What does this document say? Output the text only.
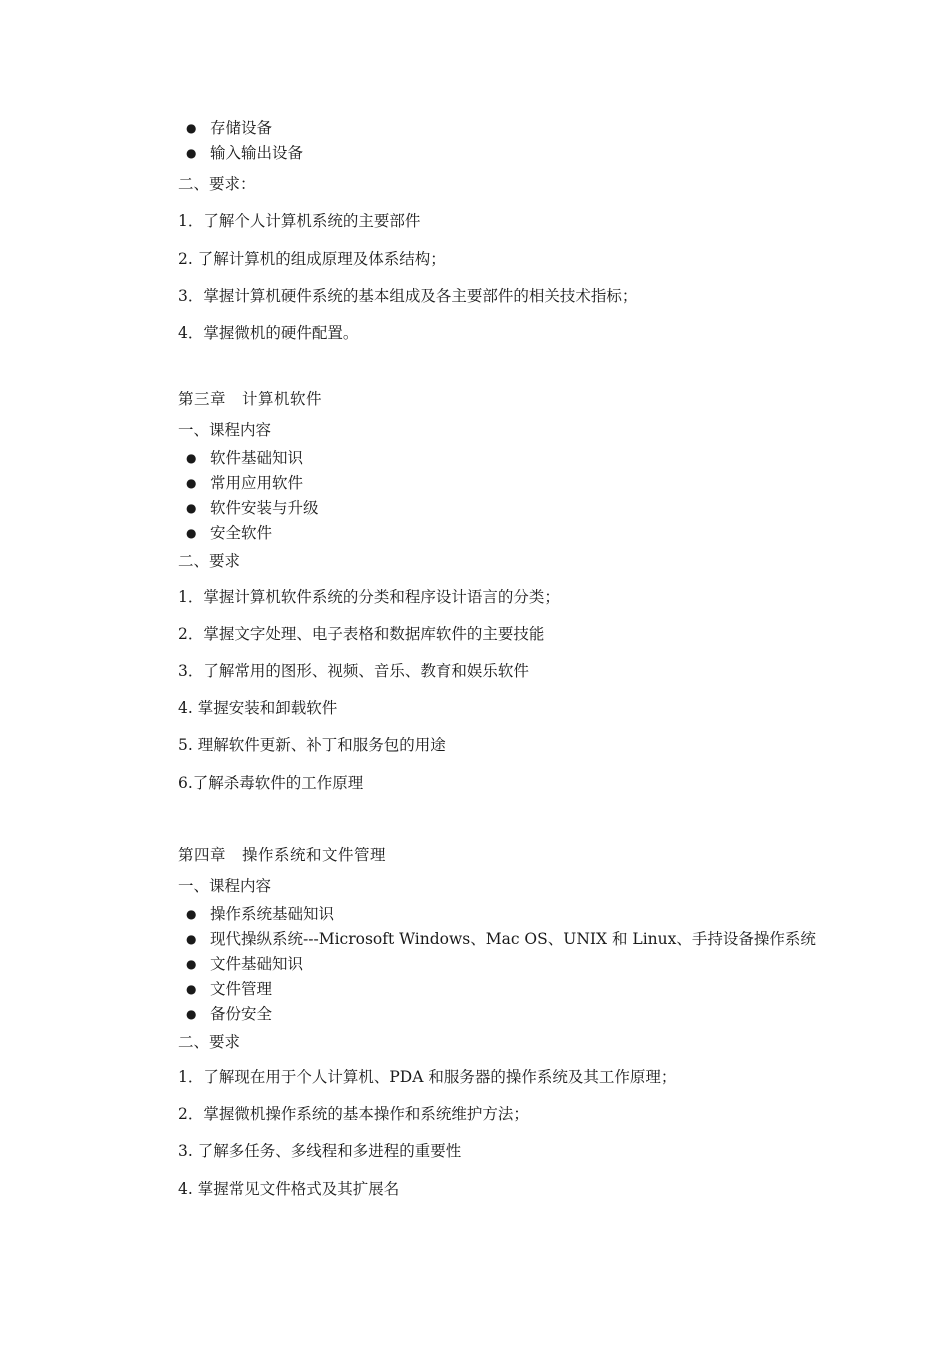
● 存储设备
● 输入输出设备
二、要求：
1．了解个人计算机系统的主要部件
2. 了解计算机的组成原理及体系结构；
3．掌握计算机硬件系统的基本组成及各主要部件的相关技术指标；
4．掌握微机的硬件配置。
第三章　计算机软件
一、课程内容
● 软件基础知识
● 常用应用软件
● 软件安装与升级
● 安全软件
二、要求
1．掌握计算机软件系统的分类和程序设计语言的分类；
2．掌握文字处理、电子表格和数据库软件的主要技能
3．了解常用的图形、视频、音乐、教育和娱乐软件
4. 掌握安装和卸载软件
5. 理解软件更新、补丁和服务包的用途
6.了解杀毒软件的工作原理
第四章　操作系统和文件管理
一、课程内容
● 操作系统基础知识
● 现代操纵系统---Microsoft Windows、Mac OS、UNIX 和 Linux、手持设备操作系统
● 文件基础知识
● 文件管理
● 备份安全
二、要求
1．了解现在用于个人计算机、PDA 和服务器的操作系统及其工作原理；
2．掌握微机操作系统的基本操作和系统维护方法；
3. 了解多任务、多线程和多进程的重要性
4. 掌握常见文件格式及其扩展名
